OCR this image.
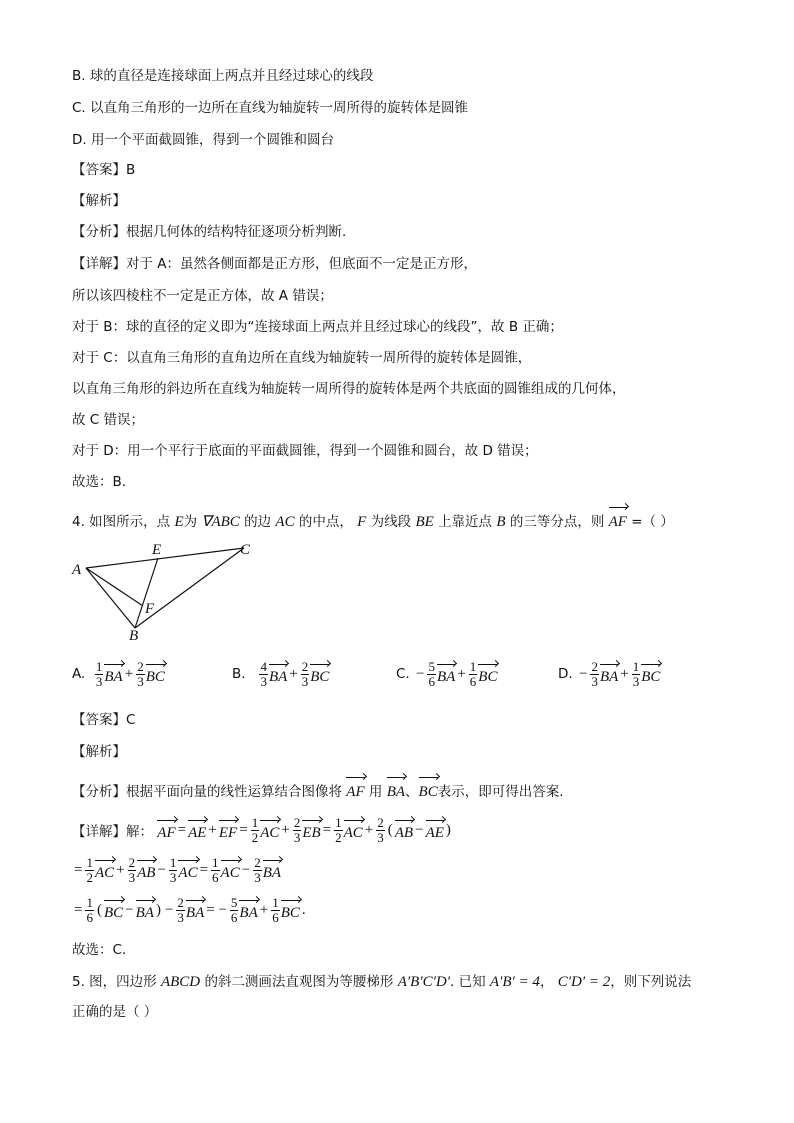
B. 球的直径是连接球面上两点并且经过球心的线段
C. 以直角三角形的一边所在直线为轴旋转一周所得的旋转体是圆锥
D. 用一个平面截圆锥，得到一个圆锥和圆台
【答案】B
【解析】
【分析】根据几何体的结构特征逐项分析判断.
【详解】对于 A：虽然各侧面都是正方形，但底面不一定是正方形，
所以该四棱柱不一定是正方体，故 A 错误；
对于 B：球的直径的定义即为“连接球面上两点并且经过球心的线段”，故 B 正确；
对于 C：以直角三角形的直角边所在直线为轴旋转一周所得的旋转体是圆锥，
以直角三角形的斜边所在直线为轴旋转一周所得的旋转体是两个共底面的圆锥组成的几何体，
故 C 错误；
对于 D：用一个平行于底面的平面截圆锥，得到一个圆锥和圆台，故 D 错误；
故选：B.
4. 如图所示，点 E为 ∇ABC 的边 AC 的中点， F 为线段 BE 上靠近点 B 的三等分点，则 AF =（ ）
A
E	C
F
B
A.
$\frac{1}{3}$ BA + $\frac{2}{3}$ BC	B.
$\frac{4}{3}$ BA + $\frac{2}{3}$ BC	C.
− $\frac{5}{6}$ BA + $\frac{1}{6}$ BC	D.
− $\frac{2}{3}$ BA + $\frac{1}{3}$ BC
【答案】C
【解析】
【分析】根据平面向量的线性运算结合图像将 AF 用 BA、BC表示，即可得出答案.
【详解】 解：
AF = AE + EF = $\frac{1}{2}$ AC + $\frac{2}{3}$ EB = $\frac{1}{2}$ AC + $\frac{2}{3}$ ( AB − AE )
= $\frac{1}{2}$ AC + $\frac{2}{3}$ AB − $\frac{1}{3}$ AC = $\frac{1}{6}$ AC − $\frac{2}{3}$ BA
= $\frac{1}{6}$ ( BC − BA ) − $\frac{2}{3}$ BA = − $\frac{5}{6}$ BA + $\frac{1}{6}$ BC .
故选：C.
5. 图，四边形 ABCD 的斜二测画法直观图为等腰梯形 A′B′C′D′. 已知 A′B′ = 4， C′D′ = 2，则下列说法
正确的是（ ）
